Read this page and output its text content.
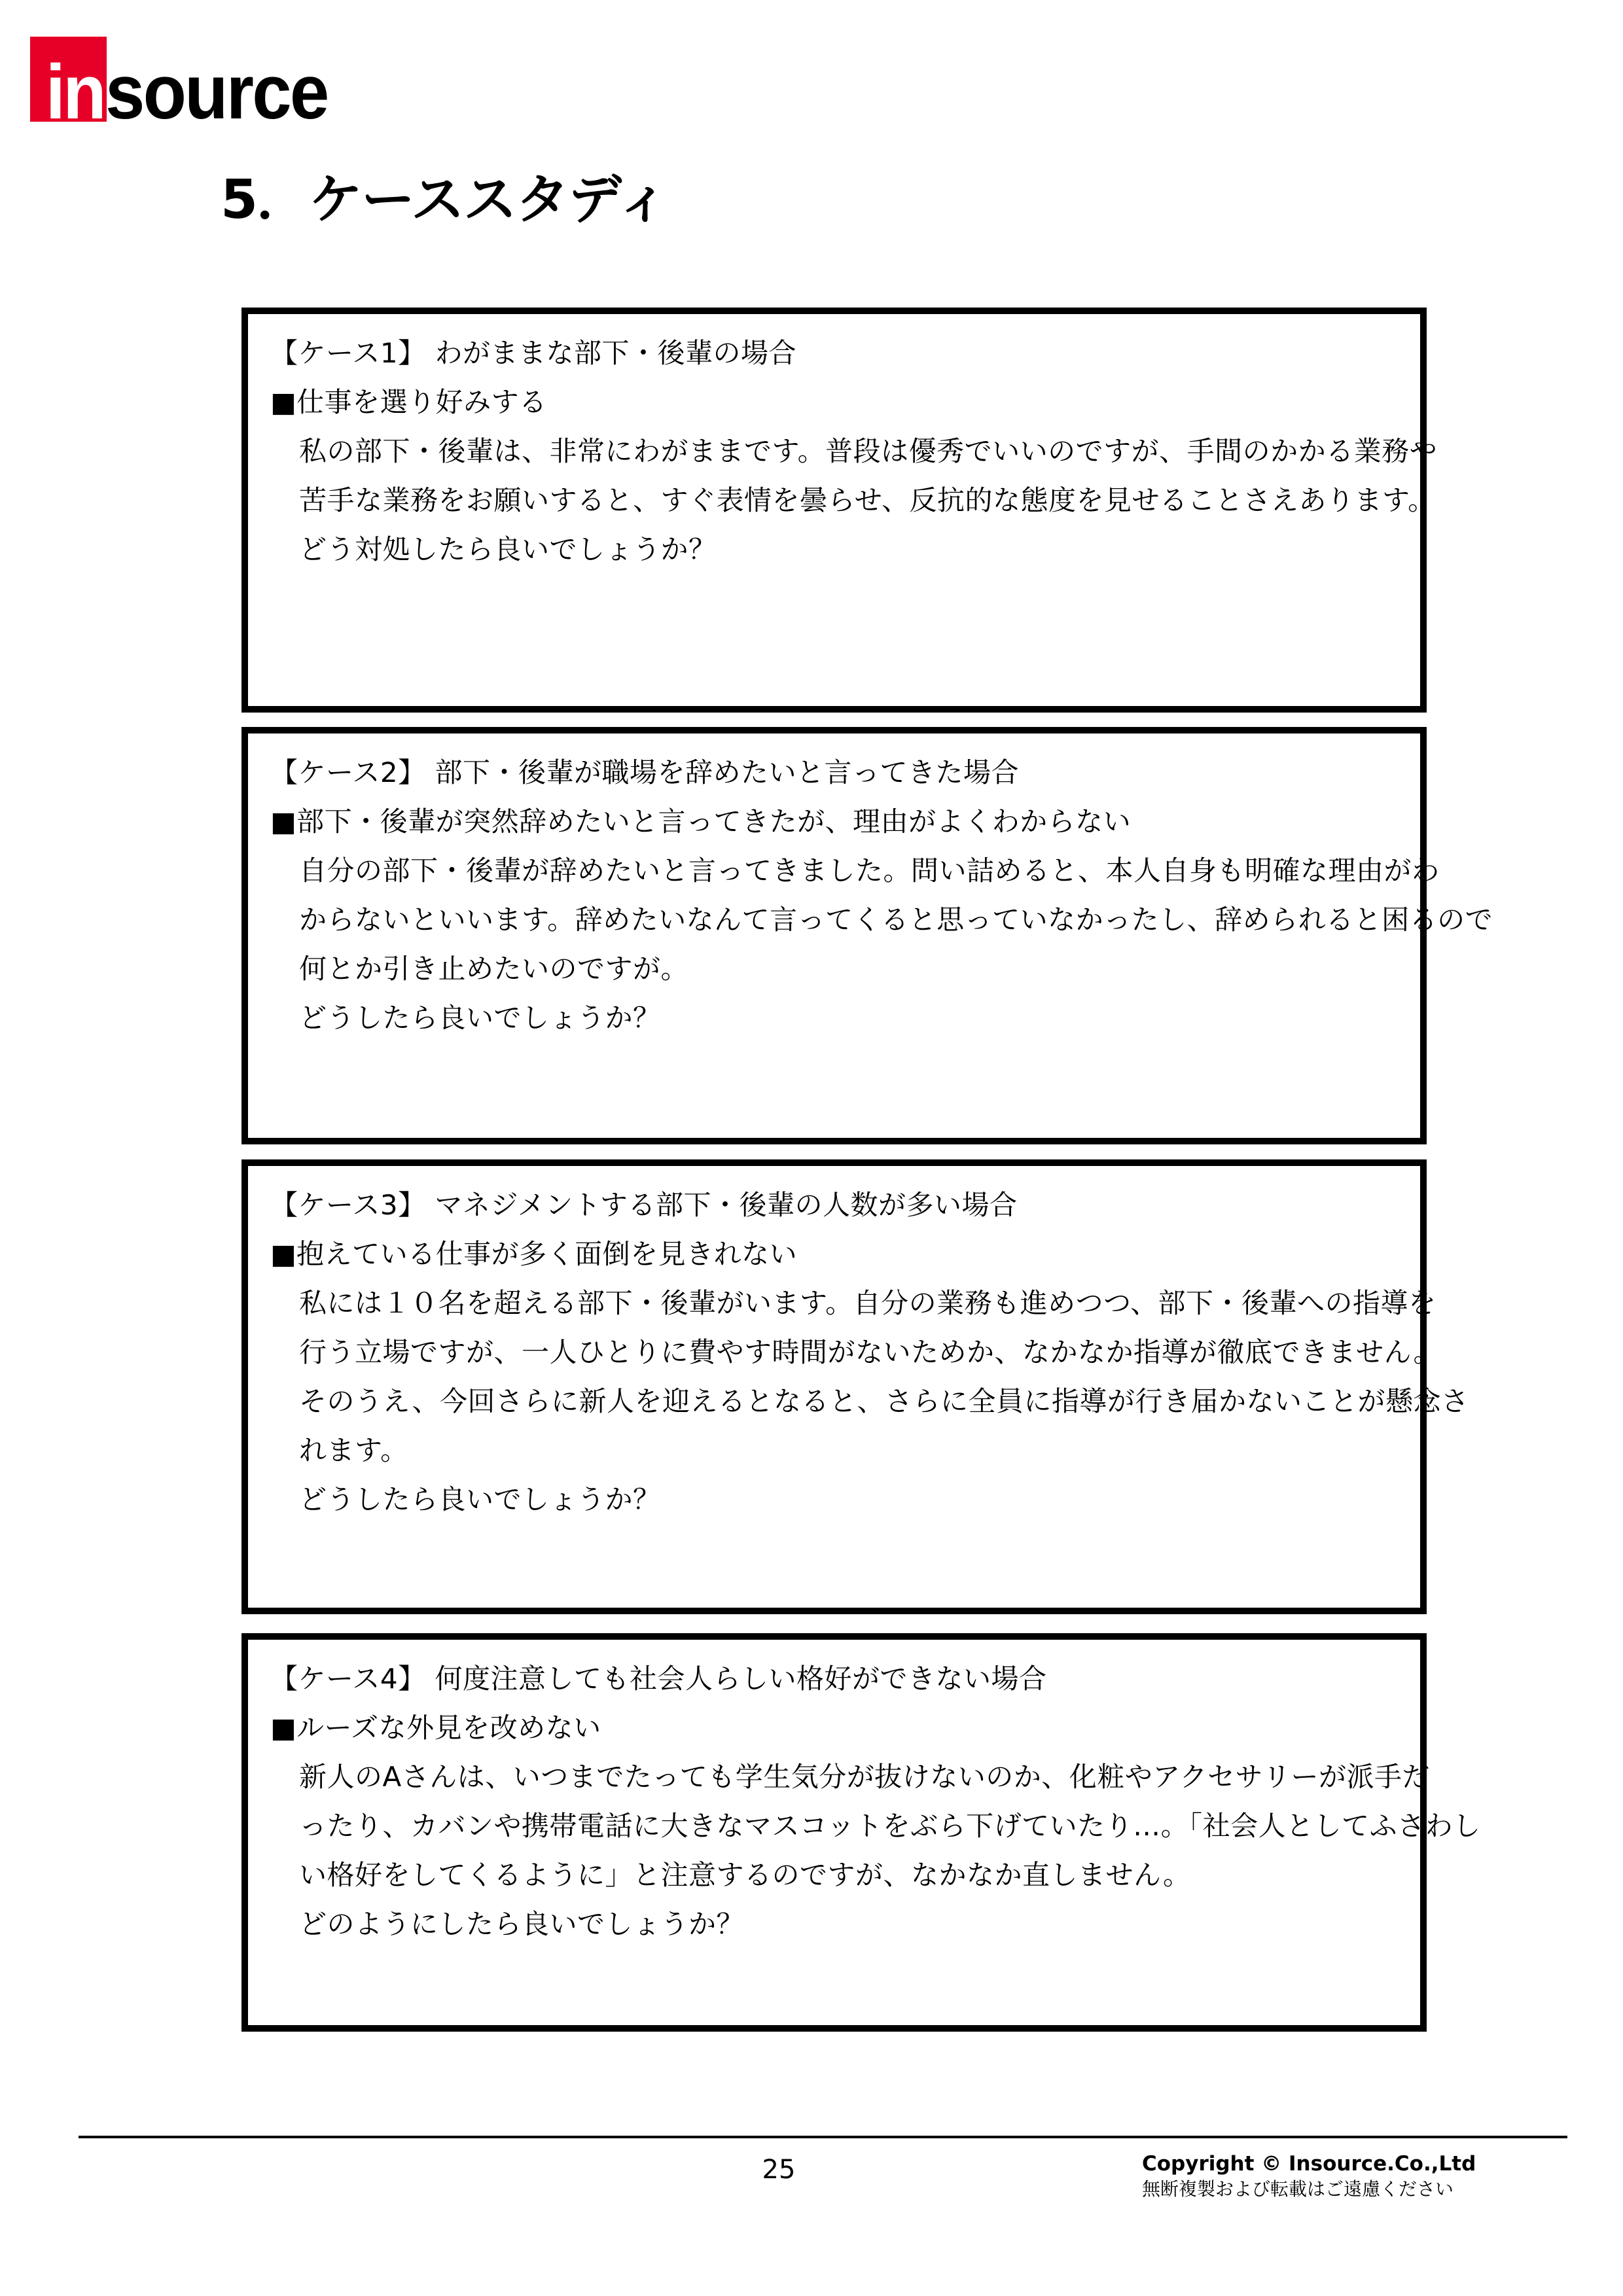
in source
5．ケーススタディ
【ケース1】 わがままな部下・後輩の場合
■仕事を選り好みする
私の部下・後輩は、非常にわがままです。普段は優秀でいいのですが、手間のかかる業務や
苦手な業務をお願いすると、すぐ表情を曇らせ、反抗的な態度を見せることさえあります。
どう対処したら良いでしょうか？
【ケース2】 部下・後輩が職場を辞めたいと言ってきた場合
■部下・後輩が突然辞めたいと言ってきたが、理由がよくわからない
自分の部下・後輩が辞めたいと言ってきました。問い詰めると、本人自身も明確な理由がわ
からないといいます。辞めたいなんて言ってくると思っていなかったし、辞められると困るので
何とか引き止めたいのですが。
どうしたら良いでしょうか？
【ケース3】 マネジメントする部下・後輩の人数が多い場合
■抱えている仕事が多く面倒を見きれない
私には１０名を超える部下・後輩がいます。自分の業務も進めつつ、部下・後輩への指導を
行う立場ですが、一人ひとりに費やす時間がないためか、なかなか指導が徹底できません。
そのうえ、今回さらに新人を迎えるとなると、さらに全員に指導が行き届かないことが懸念さ
れます。
どうしたら良いでしょうか？
【ケース4】 何度注意しても社会人らしい格好ができない場合
■ルーズな外見を改めない
新人のAさんは、いつまでたっても学生気分が抜けないのか、化粧やアクセサリーが派手だ
ったり、カバンや携帯電話に大きなマスコットをぶら下げていたり…。「社会人としてふさわし
い格好をしてくるように」と注意するのですが、なかなか直しません。
どのようにしたら良いでしょうか？
25	Copyright © Insource.Co.,Ltd
無断複製および転載はご遠慮ください
